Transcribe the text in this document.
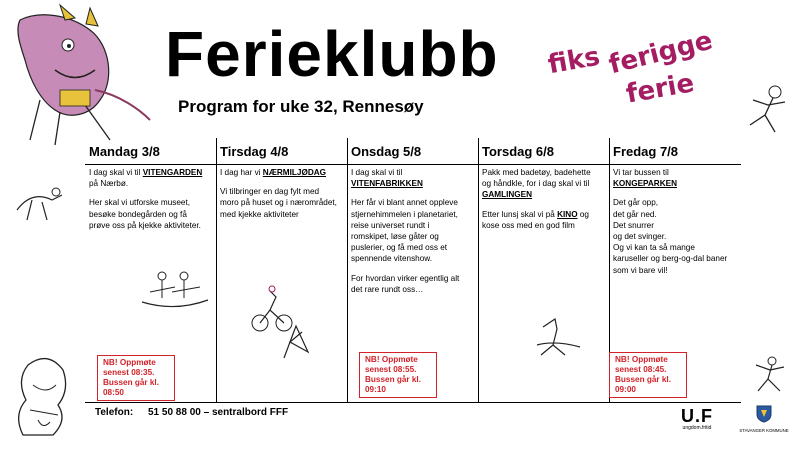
Ferieklubb
Program for uke 32, Rennesøy
fiks ferigge
ferie
Mandag 3/8

I dag skal vi til VITENGARDEN på Nærbø.

Her skal vi utforske museet, besøke bondegården og få prøve oss på kjekke aktiviteter.

Tirsdag 4/8

I dag har vi NÆRMILJØDAG

Vi tilbringer en dag fylt med moro på huset og i nærområdet, med kjekke aktiviteter

Onsdag 5/8

I dag skal vi til VITENFABRIKKEN

Her får vi blant annet oppleve stjernehimmelen i planetariet, reise universet rundt i romskipet, løse gåter og puslerier, og få med oss et spennende vitenshow.

For hvordan virker egentlig alt det rare rundt oss…

Torsdag 6/8

Pakk med badetøy, badehette og håndkle, for i dag skal vi til GAMLINGEN

Etter lunsj skal vi på KINO og kose oss med en god film

Fredag 7/8

Vi tar bussen til KONGEPARKEN

Det går opp,
det går ned.
Det snurrer
og det svinger.

Og vi kan ta så mange karuseller og berg-og-dal baner som vi bare vil!

NB! Oppmøte senest 08:35. Bussen går kl. 08:50
NB! Oppmøte senest 08:55. Bussen går kl. 09:10
NB! Oppmøte senest 08:45. Bussen går kl. 09:00

Telefon: 51 50 88 00 – sentralbord FFF	U.F
ungdom.fritid	STAVANGER KOMMUNE
